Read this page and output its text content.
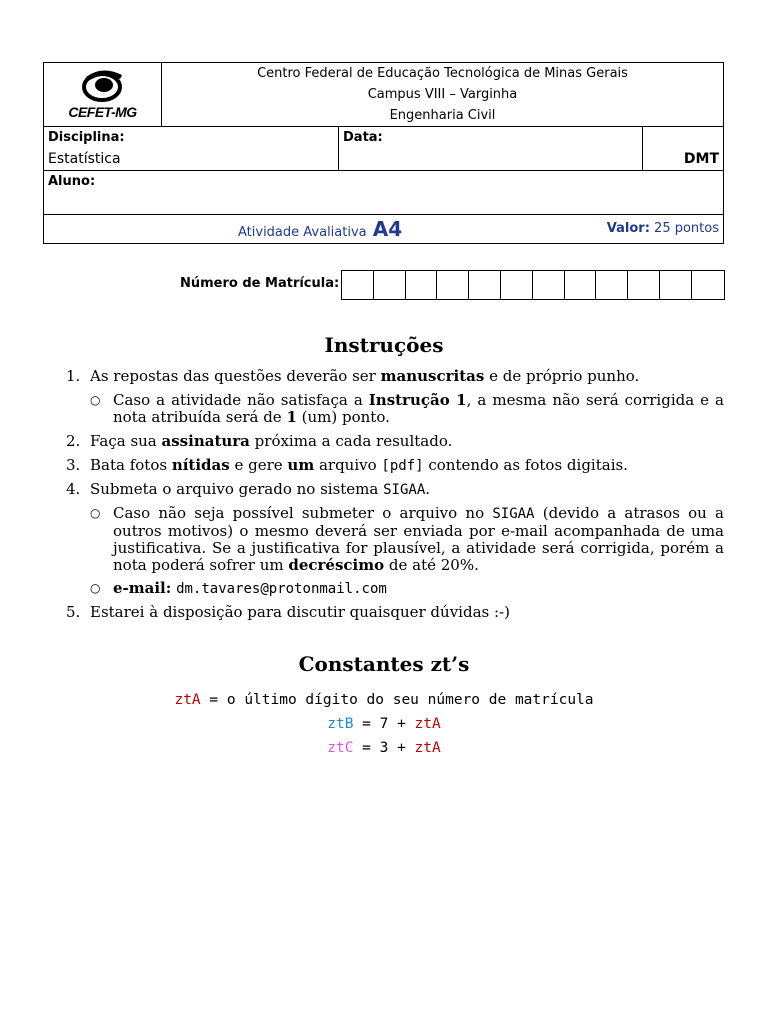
CEFET-MG
Centro Federal de Educação Tecnológica de Minas Gerais
Campus VIII – Varginha
Engenharia Civil
Disciplina:
Estatística
Data:
DMT
Aluno:
Atividade Avaliativa A4	Valor: 25 pontos
Número de Matrícula:
Instruções
1. As repostas das questões deverão ser manuscritas e de próprio punho.
○ Caso a atividade não satisfaça a Instrução 1, a mesma não será corrigida e a nota atribuída será de 1 (um) ponto.
2. Faça sua assinatura próxima a cada resultado.
3. Bata fotos nítidas e gere um arquivo [pdf] contendo as fotos digitais.
4. Submeta o arquivo gerado no sistema SIGAA.
○ Caso não seja possível submeter o arquivo no SIGAA (devido a atrasos ou a outros motivos) o mesmo deverá ser enviada por e-mail acompanhada de uma justificativa. Se a justificativa for plausível, a atividade será corrigida, porém a nota poderá sofrer um decréscimo de até 20%.
○ e-mail: dm.tavares@protonmail.com
5. Estarei à disposição para discutir quaisquer dúvidas :-)
Constantes zt’s
ztA = o último dígito do seu número de matrícula
ztB = 7 + ztA
ztC = 3 + ztA
